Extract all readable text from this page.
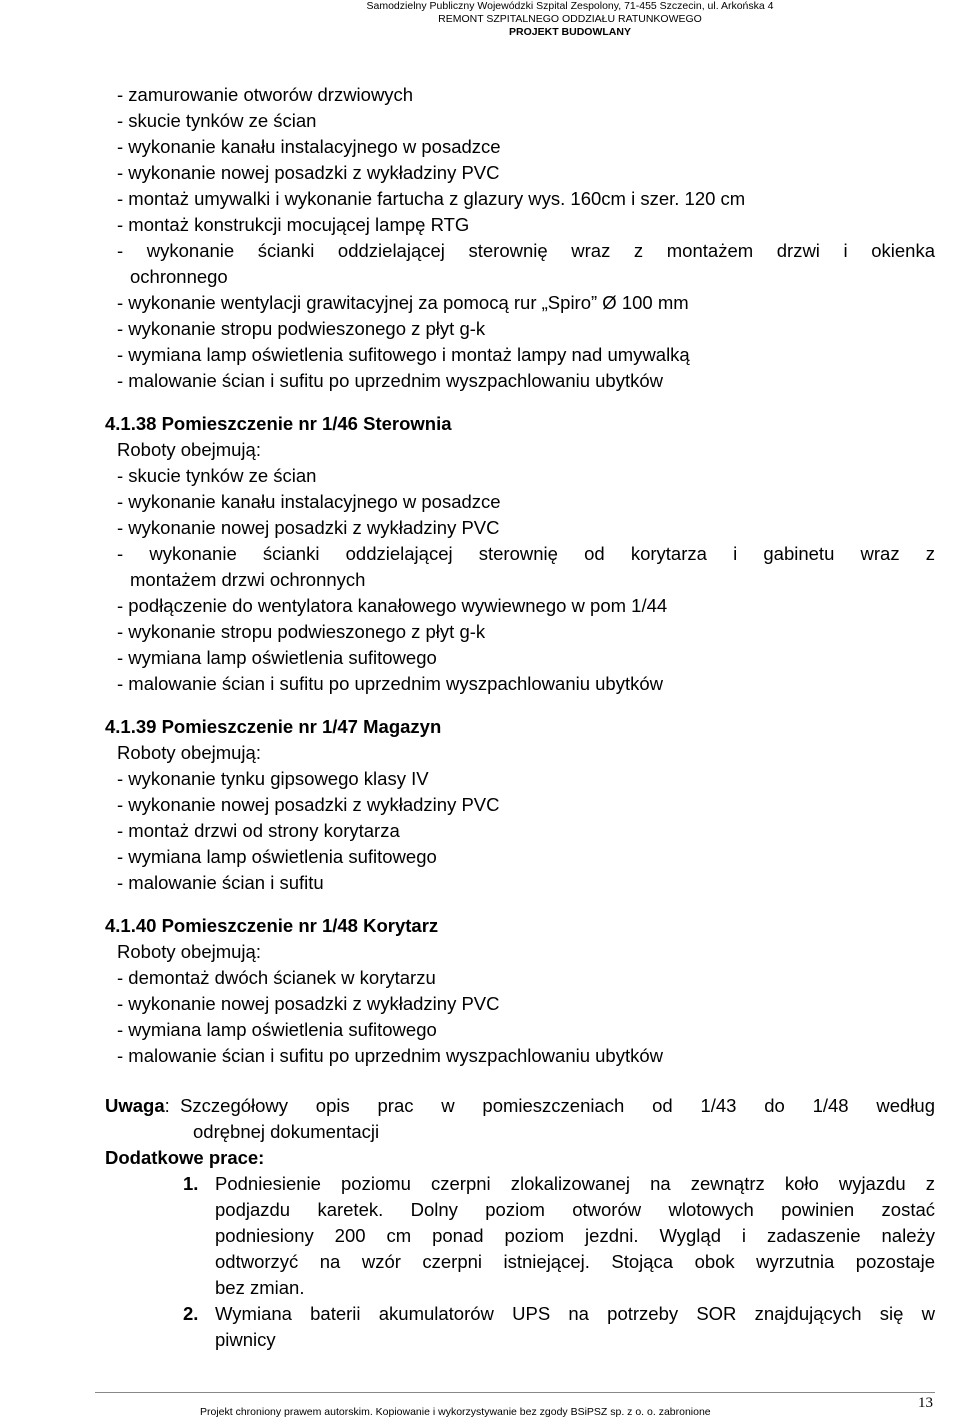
Samodzielny Publiczny Wojewódzki Szpital Zespolony, 71-455 Szczecin, ul. Arkońska 4
REMONT SZPITALNEGO ODDZIAŁU RATUNKOWEGO
PROJEKT BUDOWLANY
- zamurowanie otworów drzwiowych
- skucie tynków ze ścian
- wykonanie kanału instalacyjnego w posadzce
- wykonanie nowej posadzki z wykładziny PVC
- montaż umywalki i wykonanie fartucha z glazury wys. 160cm i szer. 120 cm
- montaż konstrukcji mocującej lampę RTG
- wykonanie ścianki oddzielającej sterownię wraz z montażem drzwi i okienka
ochronnego
- wykonanie wentylacji grawitacyjnej za pomocą rur „Spiro” Ø 100 mm
- wykonanie stropu podwieszonego z płyt g-k
- wymiana lamp oświetlenia sufitowego i montaż lampy nad umywalką
- malowanie ścian i sufitu po uprzednim wyszpachlowaniu ubytków
4.1.38 Pomieszczenie nr 1/46 Sterownia
Roboty obejmują:
- skucie tynków ze ścian
- wykonanie kanału instalacyjnego w posadzce
- wykonanie nowej posadzki z wykładziny PVC
- wykonanie ścianki oddzielającej sterownię od korytarza i gabinetu wraz z
montażem drzwi ochronnych
- podłączenie do wentylatora kanałowego wywiewnego w pom 1/44
- wykonanie stropu podwieszonego z płyt g-k
- wymiana lamp oświetlenia sufitowego
- malowanie ścian i sufitu po uprzednim wyszpachlowaniu ubytków
4.1.39 Pomieszczenie nr 1/47 Magazyn
Roboty obejmują:
- wykonanie tynku gipsowego klasy IV
- wykonanie nowej posadzki z wykładziny PVC
- montaż drzwi od strony korytarza
- wymiana lamp oświetlenia sufitowego
- malowanie ścian i sufitu
4.1.40 Pomieszczenie nr 1/48 Korytarz
Roboty obejmują:
- demontaż dwóch ścianek w korytarzu
- wykonanie nowej posadzki z wykładziny PVC
- wymiana lamp oświetlenia sufitowego
- malowanie ścian i sufitu po uprzednim wyszpachlowaniu ubytków
Uwaga :
Szczegółowy opis prac w pomieszczeniach od 1/43 do 1/48 według
odrębnej dokumentacji
Dodatkowe prace:
1. Podniesienie poziomu czerpni zlokalizowanej na zewnątrz koło wyjazdu z
podjazdu karetek. Dolny poziom otworów wlotowych powinien zostać
podniesiony 200 cm ponad poziom jezdni. Wygląd i zadaszenie należy
odtworzyć na wzór czerpni istniejącej. Stojąca obok wyrzutnia pozostaje
bez zmian.
2. Wymiana baterii akumulatorów UPS na potrzeby SOR znajdujących się w
piwnicy
Projekt chroniony prawem autorskim. Kopiowanie i wykorzystywanie bez zgody BSiPSZ sp. z o. o. zabronione
13
